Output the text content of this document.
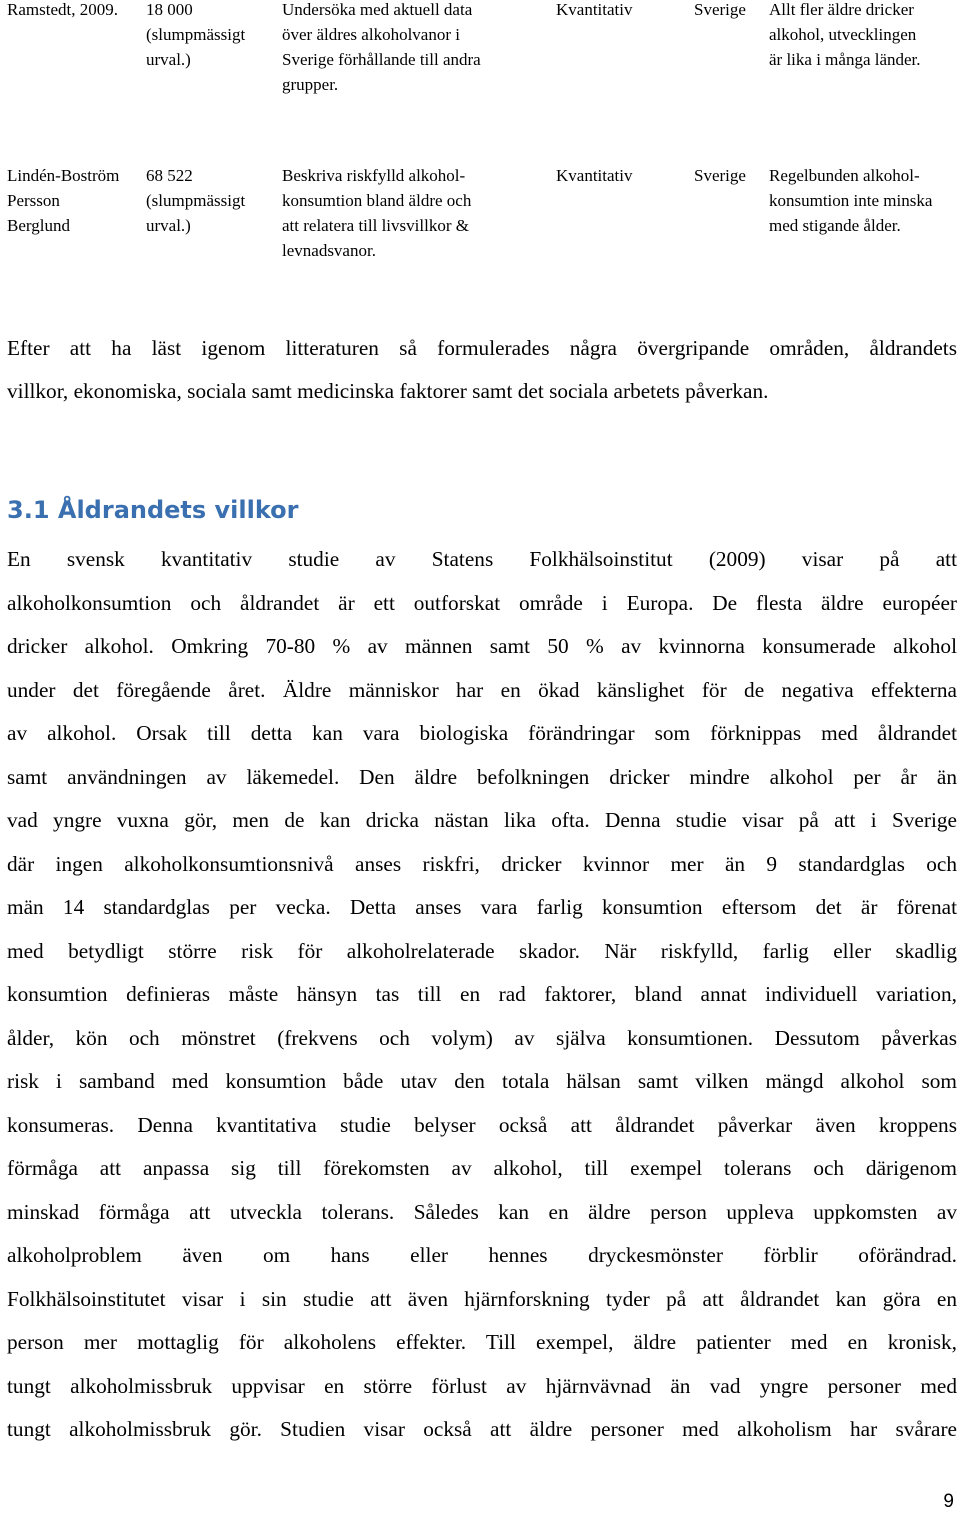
Ramstedt, 2009. 18 000
(slumpmässigt
urval.)
Undersöka med aktuell data
över äldres alkoholvanor i
Sverige förhållande till andra
grupper.
Kvantitativ	Sverige Allt fler äldre dricker
alkohol, utvecklingen
är lika i många länder.
Lindén-Boström
Persson
Berglund
68 522
(slumpmässigt
urval.)
Beskriva riskfylld alkohol-
konsumtion bland äldre och
att relatera till livsvillkor &
levnadsvanor.
Kvantitativ	Sverige Regelbunden alkohol-
konsumtion inte minska
med stigande ålder.
Efter att ha läst igenom litteraturen så formulerades några övergripande områden, åldrandets
villkor, ekonomiska, sociala samt medicinska faktorer samt det sociala arbetets påverkan.
3.1 Åldrandets villkor
En svensk kvantitativ studie av Statens Folkhälsoinstitut (2009) visar på att
alkoholkonsumtion och åldrandet är ett outforskat område i Europa. De flesta äldre européer
dricker alkohol. Omkring 70-80 % av männen samt 50 % av kvinnorna konsumerade alkohol
under det föregående året. Äldre människor har en ökad känslighet för de negativa effekterna
av alkohol. Orsak till detta kan vara biologiska förändringar som förknippas med åldrandet
samt användningen av läkemedel. Den äldre befolkningen dricker mindre alkohol per år än
vad yngre vuxna gör, men de kan dricka nästan lika ofta. Denna studie visar på att i Sverige
där ingen alkoholkonsumtionsnivå anses riskfri, dricker kvinnor mer än 9 standardglas och
män 14 standardglas per vecka. Detta anses vara farlig konsumtion eftersom det är förenat
med betydligt större risk för alkoholrelaterade skador. När riskfylld, farlig eller skadlig
konsumtion definieras måste hänsyn tas till en rad faktorer, bland annat individuell variation,
ålder, kön och mönstret (frekvens och volym) av själva konsumtionen. Dessutom påverkas
risk i samband med konsumtion både utav den totala hälsan samt vilken mängd alkohol som
konsumeras. Denna kvantitativa studie belyser också att åldrandet påverkar även kroppens
förmåga att anpassa sig till förekomsten av alkohol, till exempel tolerans och därigenom
minskad förmåga att utveckla tolerans. Således kan en äldre person uppleva uppkomsten av
alkoholproblem även om hans eller hennes dryckesmönster förblir oförändrad.
Folkhälsoinstitutet visar i sin studie att även hjärnforskning tyder på att åldrandet kan göra en
person mer mottaglig för alkoholens effekter. Till exempel, äldre patienter med en kronisk,
tungt alkoholmissbruk uppvisar en större förlust av hjärnvävnad än vad yngre personer med
tungt alkoholmissbruk gör. Studien visar också att äldre personer med alkoholism har svårare
9
